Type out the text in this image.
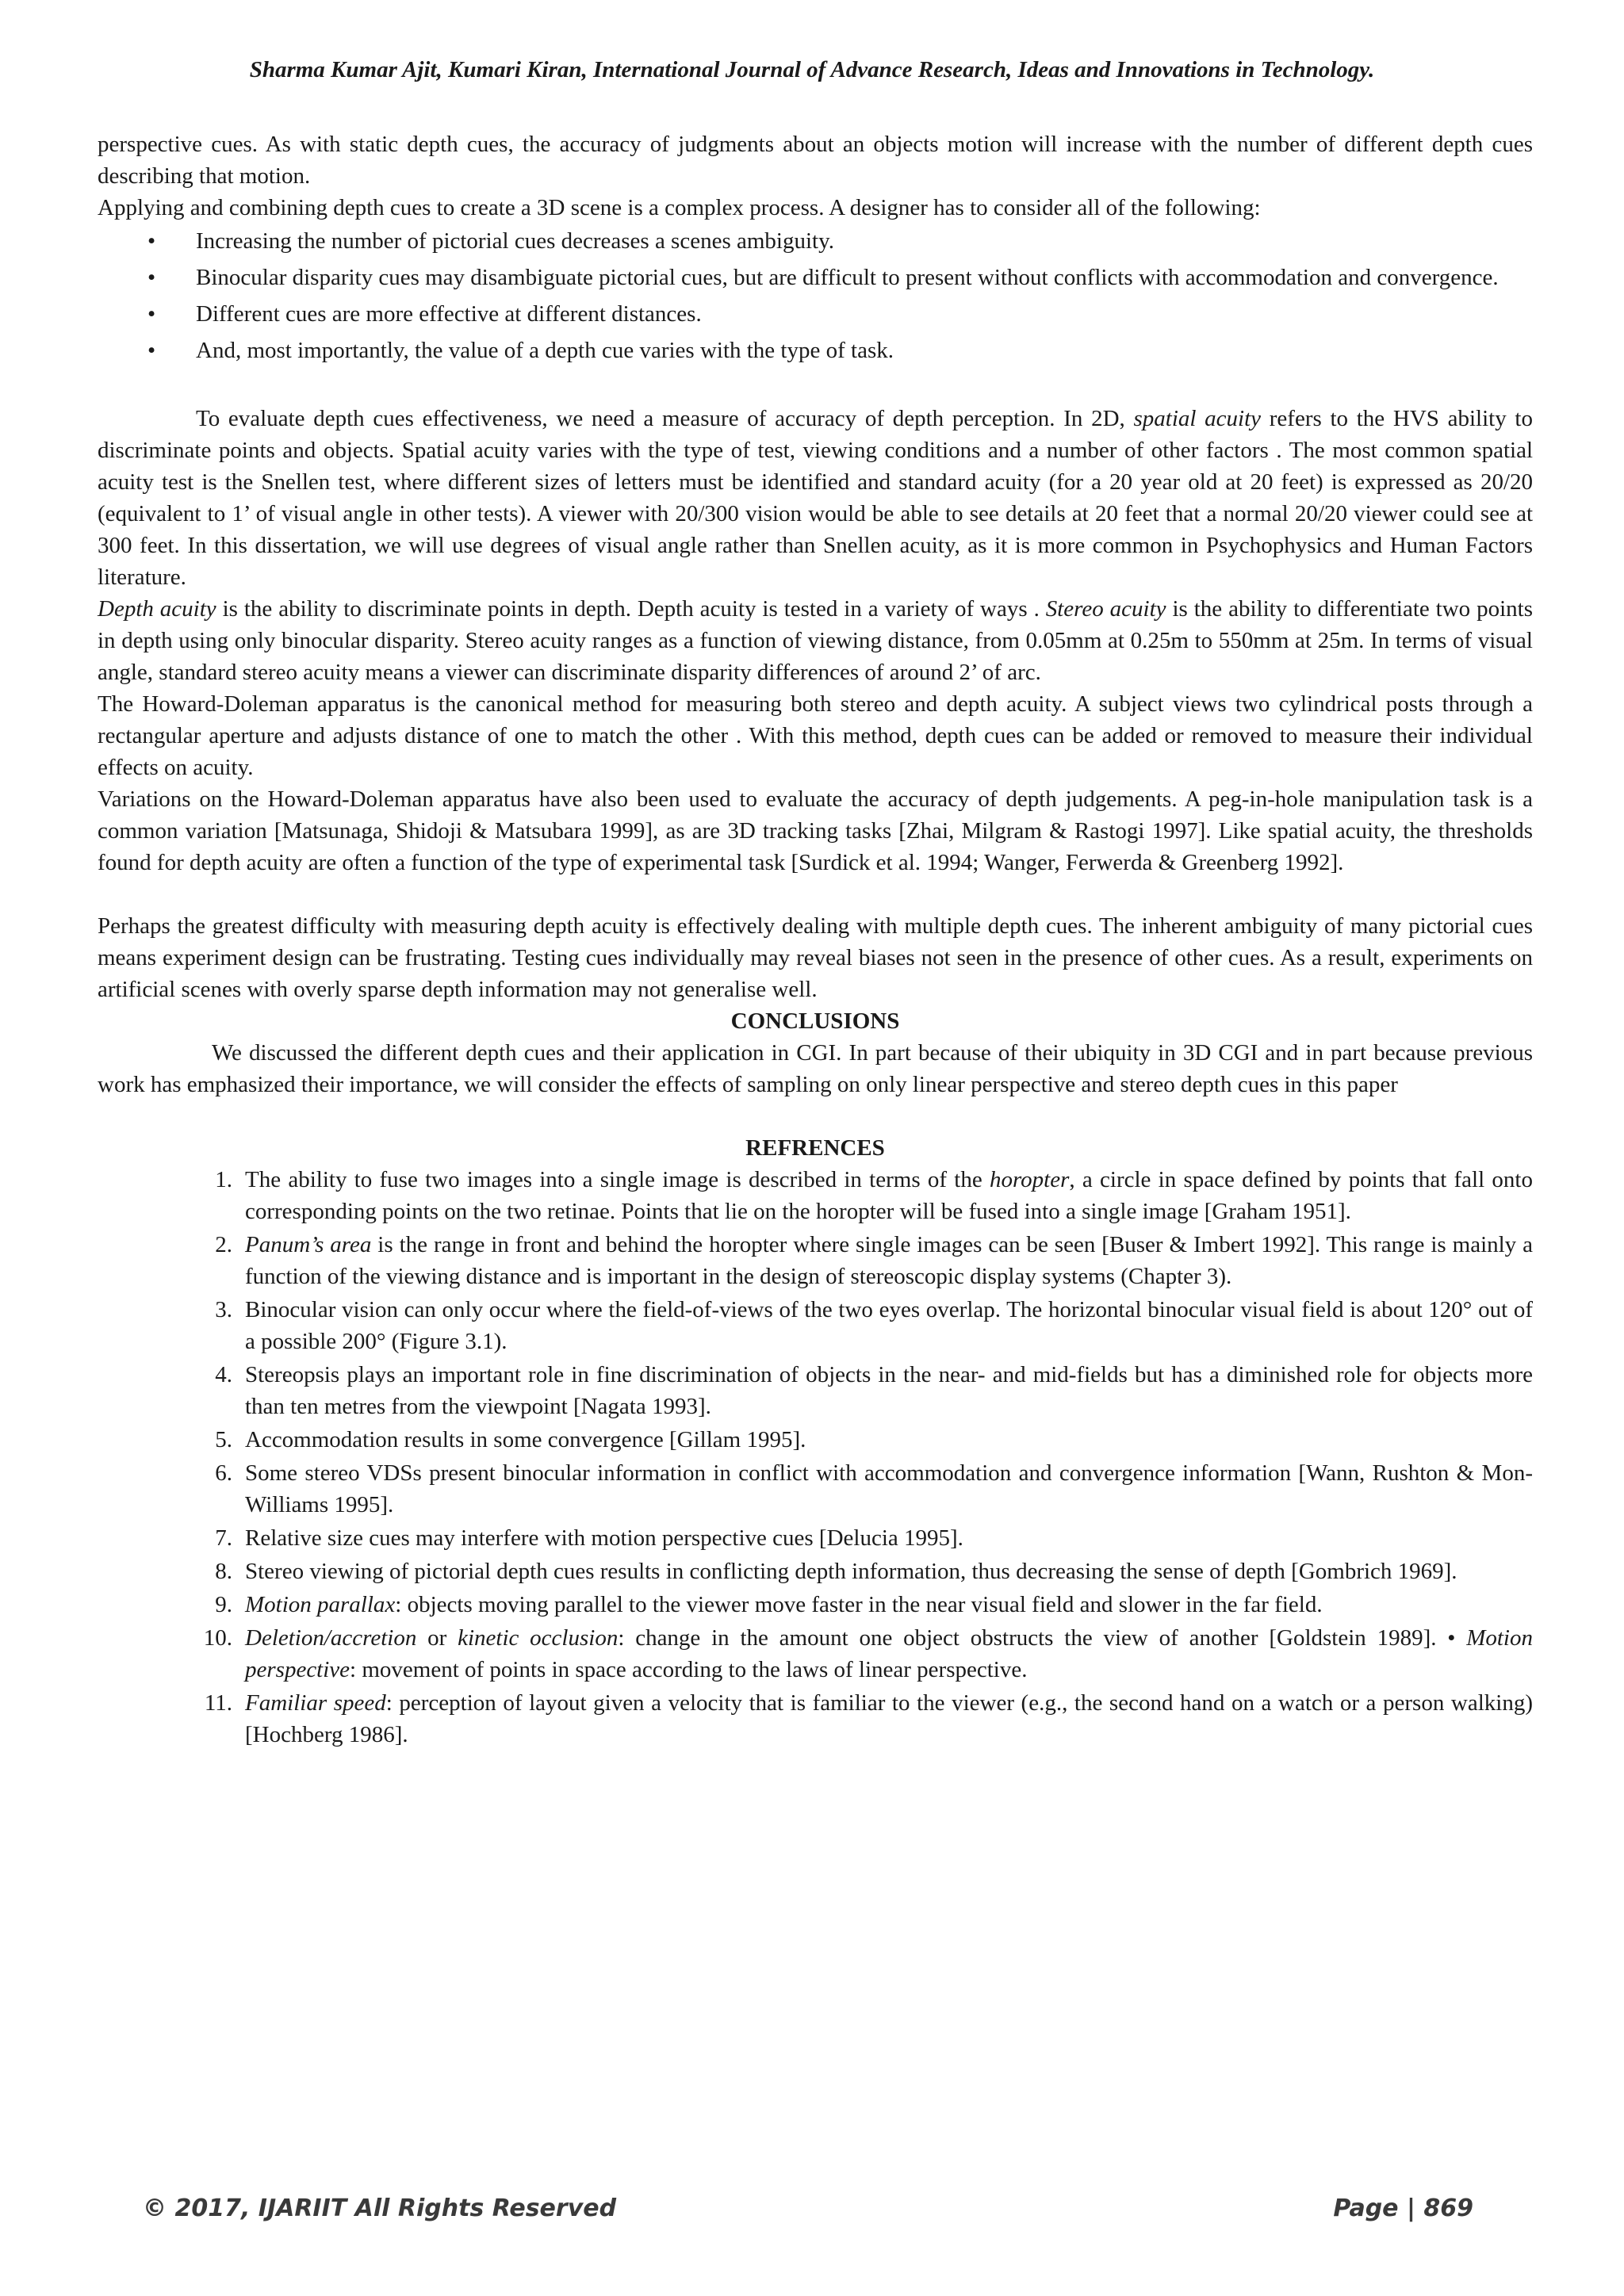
Sharma Kumar Ajit, Kumari Kiran, International Journal of Advance Research, Ideas and Innovations in Technology.

perspective cues. As with static depth cues, the accuracy of judgments about an objects motion will increase with the number of different depth cues describing that motion.

Applying and combining depth cues to create a 3D scene is a complex process. A designer has to consider all of the following:

• Increasing the number of pictorial cues decreases a scenes ambiguity.
• Binocular disparity cues may disambiguate pictorial cues, but are difficult to present without conflicts with accommodation and convergence.
• Different cues are more effective at different distances.
• And, most importantly, the value of a depth cue varies with the type of task.

To evaluate depth cues effectiveness, we need a measure of accuracy of depth perception. In 2D, spatial acuity refers to the HVS ability to discriminate points and objects. Spatial acuity varies with the type of test, viewing conditions and a number of other factors . The most common spatial acuity test is the Snellen test, where different sizes of letters must be identified and standard acuity (for a 20 year old at 20 feet) is expressed as 20/20 (equivalent to 1’ of visual angle in other tests). A viewer with 20/300 vision would be able to see details at 20 feet that a normal 20/20 viewer could see at 300 feet. In this dissertation, we will use degrees of visual angle rather than Snellen acuity, as it is more common in Psychophysics and Human Factors literature.

Depth acuity is the ability to discriminate points in depth. Depth acuity is tested in a variety of ways . Stereo acuity is the ability to differentiate two points in depth using only binocular disparity. Stereo acuity ranges as a function of viewing distance, from 0.05mm at 0.25m to 550mm at 25m. In terms of visual angle, standard stereo acuity means a viewer can discriminate disparity differences of around 2’ of arc.

The Howard-Doleman apparatus is the canonical method for measuring both stereo and depth acuity. A subject views two cylindrical posts through a rectangular aperture and adjusts distance of one to match the other . With this method, depth cues can be added or removed to measure their individual effects on acuity.

Variations on the Howard-Doleman apparatus have also been used to evaluate the accuracy of depth judgements. A peg-in-hole manipulation task is a common variation [Matsunaga, Shidoji & Matsubara 1999], as are 3D tracking tasks [Zhai, Milgram & Rastogi 1997]. Like spatial acuity, the thresholds found for depth acuity are often a function of the type of experimental task [Surdick et al. 1994; Wanger, Ferwerda & Greenberg 1992].

Perhaps the greatest difficulty with measuring depth acuity is effectively dealing with multiple depth cues. The inherent ambiguity of many pictorial cues means experiment design can be frustrating. Testing cues individually may reveal biases not seen in the presence of other cues. As a result, experiments on artificial scenes with overly sparse depth information may not generalise well.

CONCLUSIONS

We discussed the different depth cues and their application in CGI. In part because of their ubiquity in 3D CGI and in part because previous work has emphasized their importance, we will consider the effects of sampling on only linear perspective and stereo depth cues in this paper

REFRENCES

1. The ability to fuse two images into a single image is described in terms of the horopter, a circle in space defined by points that fall onto corresponding points on the two retinae. Points that lie on the horopter will be fused into a single image [Graham 1951].
2. Panum’s area is the range in front and behind the horopter where single images can be seen [Buser & Imbert 1992]. This range is mainly a function of the viewing distance and is important in the design of stereoscopic display systems (Chapter 3).
3. Binocular vision can only occur where the field-of-views of the two eyes overlap. The horizontal binocular visual field is about 120° out of a possible 200° (Figure 3.1).
4. Stereopsis plays an important role in fine discrimination of objects in the near- and mid-fields but has a diminished role for objects more than ten metres from the viewpoint [Nagata 1993].
5. Accommodation results in some convergence [Gillam 1995].
6. Some stereo VDSs present binocular information in conflict with accommodation and convergence information [Wann, Rushton & Mon-Williams 1995].
7. Relative size cues may interfere with motion perspective cues [Delucia 1995].
8. Stereo viewing of pictorial depth cues results in conflicting depth information, thus decreasing the sense of depth [Gombrich 1969].
9. Motion parallax: objects moving parallel to the viewer move faster in the near visual field and slower in the far field.
10. Deletion/accretion or kinetic occlusion: change in the amount one object obstructs the view of another [Goldstein 1989]. • Motion perspective: movement of points in space according to the laws of linear perspective.
11. Familiar speed: perception of layout given a velocity that is familiar to the viewer (e.g., the second hand on a watch or a person walking) [Hochberg 1986].
© 2017, IJARIIT All Rights Reserved	Page | 869
